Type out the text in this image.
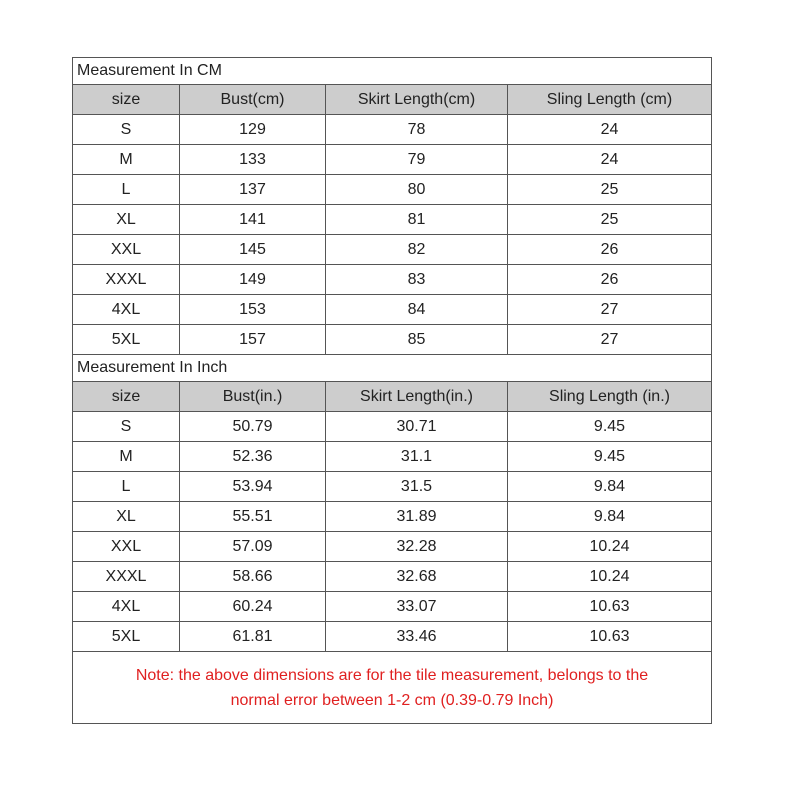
Measurement In CM			
size	Bust(cm)	Skirt Length(cm)	Sling Length (cm)
S	129	78	24
M	133	79	24
L	137	80	25
XL	141	81	25
XXL	145	82	26
XXXL	149	83	26
4XL	153	84	27
5XL	157	85	27
Measurement In Inch			
size	Bust(in.)	Skirt Length(in.)	Sling Length (in.)
S	50.79	30.71	9.45
M	52.36	31.1	9.45
L	53.94	31.5	9.84
XL	55.51	31.89	9.84
XXL	57.09	32.28	10.24
XXXL	58.66	32.68	10.24
4XL	60.24	33.07	10.63
5XL	61.81	33.46	10.63

Note: the above dimensions are for the tile measurement, belongs to the
normal error between 1-2 cm (0.39-0.79 Inch)			
